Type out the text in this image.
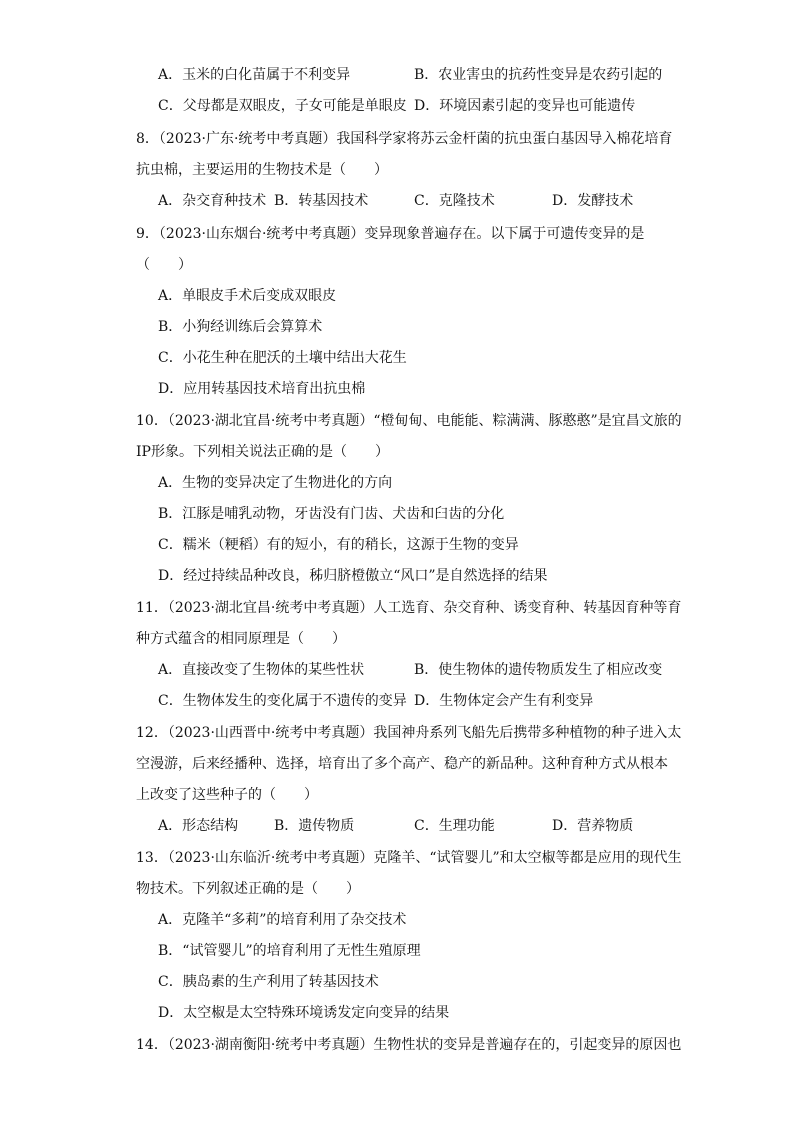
A．玉米的白化苗属于不利变异	B．农业害虫的抗药性变异是农药引起的
C．父母都是双眼皮，子女可能是单眼皮 D．环境因素引起的变异也可能遗传
8．（2023·广东·统考中考真题）我国科学家将苏云金杆菌的抗虫蛋白基因导入棉花培育
抗虫棉，主要运用的生物技术是（　　）
A．杂交育种技术 B．转基因技术	C．克隆技术	D．发酵技术
9．（2023·山东烟台·统考中考真题）变异现象普遍存在。以下属于可遗传变异的是
（　　）
A．单眼皮手术后变成双眼皮
B．小狗经训练后会算算术
C．小花生种在肥沃的土壤中结出大花生
D．应用转基因技术培育出抗虫棉
10．（2023·湖北宜昌·统考中考真题）“橙甸甸、电能能、粽满满、豚憨憨”是宜昌文旅的
IP形象。下列相关说法正确的是（　　）
A．生物的变异决定了生物进化的方向
B．江豚是哺乳动物，牙齿没有门齿、犬齿和臼齿的分化
C．糯米（粳稻）有的短小，有的稍长，这源于生物的变异
D．经过持续品种改良，秭归脐橙傲立“风口”是自然选择的结果
11．（2023·湖北宜昌·统考中考真题）人工选育、杂交育种、诱变育种、转基因育种等育
种方式蕴含的相同原理是（　　）
A．直接改变了生物体的某些性状	B．使生物体的遗传物质发生了相应改变
C．生物体发生的变化属于不遗传的变异 D．生物体定会产生有利变异
12．（2023·山西晋中·统考中考真题）我国神舟系列飞船先后携带多种植物的种子进入太
空漫游，后来经播种、选择，培育出了多个高产、稳产的新品种。这种育种方式从根本
上改变了这些种子的（　　）
A．形态结构	B．遗传物质	C．生理功能	D．营养物质
13．（2023·山东临沂·统考中考真题）克隆羊、“试管婴儿”和太空椒等都是应用的现代生
物技术。下列叙述正确的是（　　）
A．克隆羊“多莉”的培育利用了杂交技术
B．“试管婴儿”的培育利用了无性生殖原理
C．胰岛素的生产利用了转基因技术
D．太空椒是太空特殊环境诱发定向变异的结果
14．（2023·湖南衡阳·统考中考真题）生物性状的变异是普遍存在的，引起变异的原因也
